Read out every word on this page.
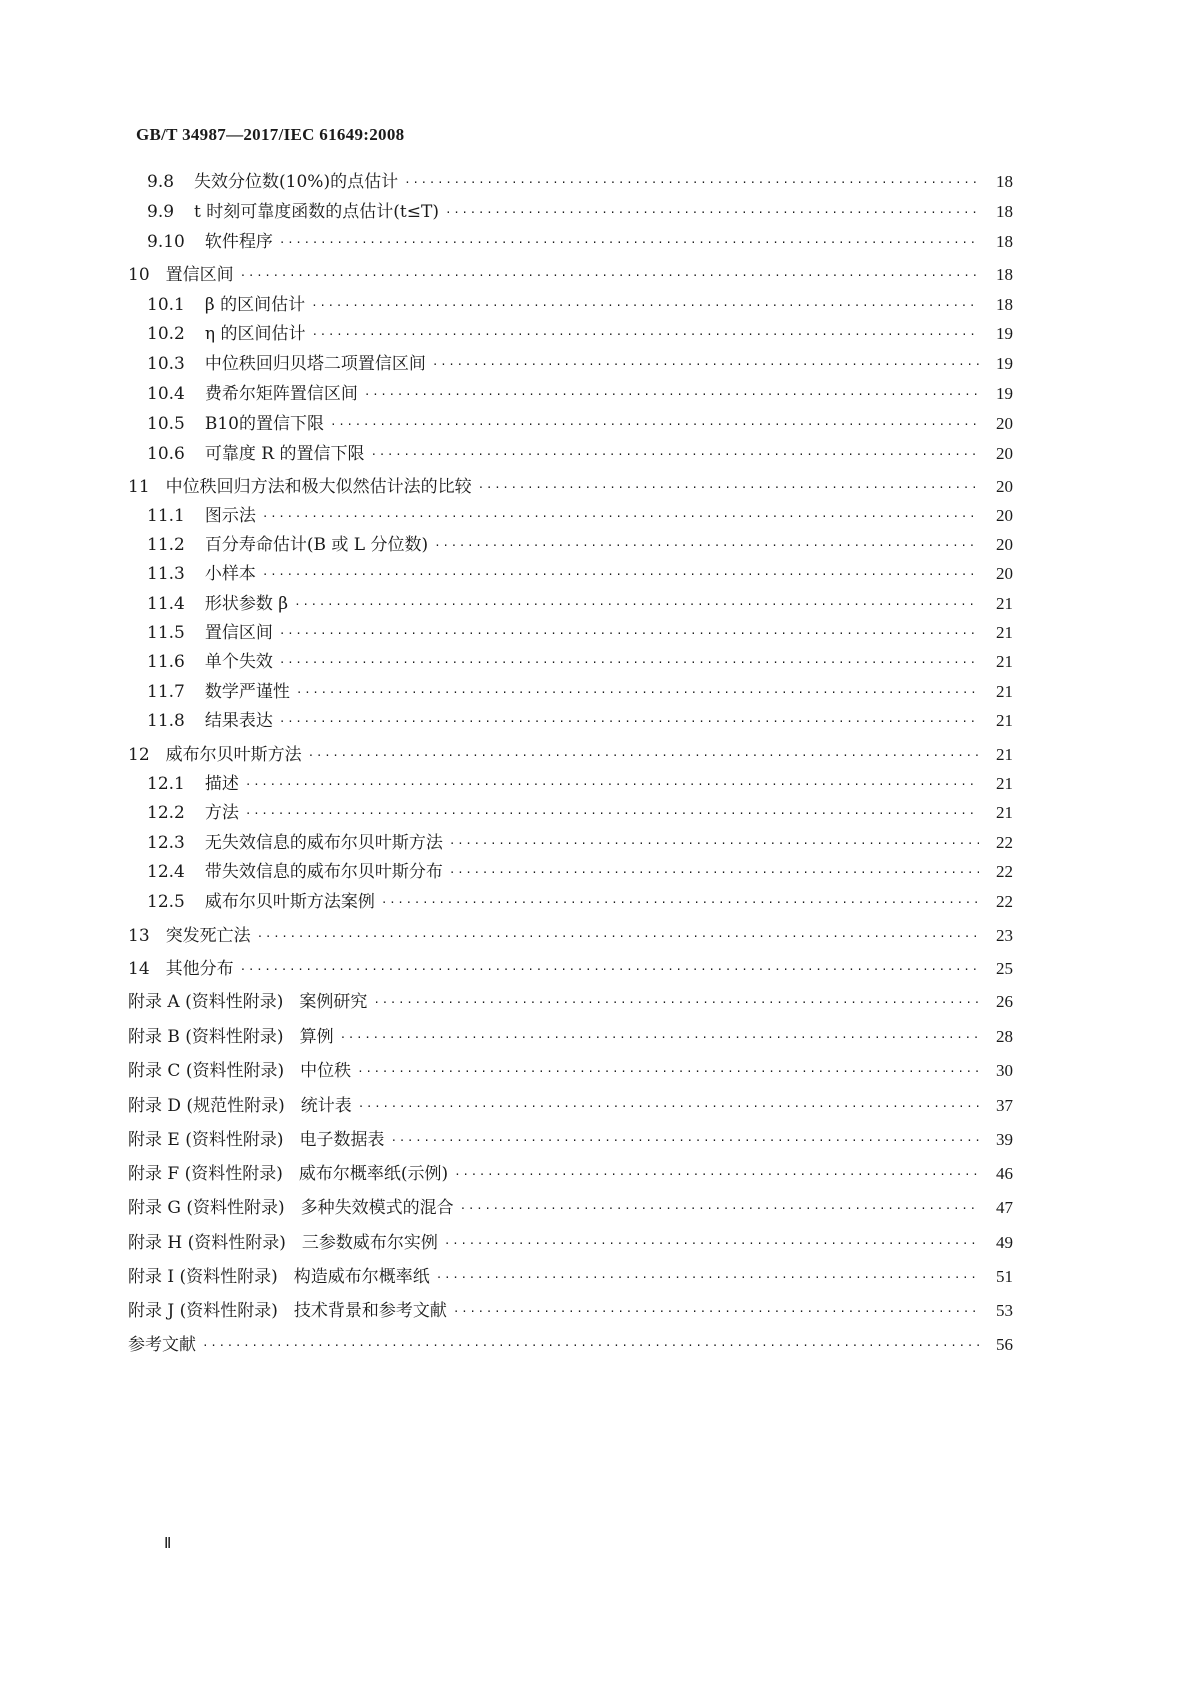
GB/T 34987—2017/IEC 61649:2008
9.8	失效分位数(10%)的点估计 ·····	18
9.9	t 时刻可靠度函数的点估计(t≤T) ·····	18
9.10	软件程序 ·····	18
10 置信区间 ·····	18
10.1	β 的区间估计 ·····	18
10.2	η 的区间估计 ·····	19
10.3	中位秩回归贝塔二项置信区间 ·····	19
10.4	费希尔矩阵置信区间 ·····	19
10.5	B10的置信下限 ·····	20
10.6	可靠度 R 的置信下限 ·····	20
11 中位秩回归方法和极大似然估计法的比较 ·····	20
11.1	图示法 ·····	20
11.2	百分寿命估计(B 或 L 分位数) ·····	20
11.3	小样本 ·····	20
11.4	形状参数 β ·····	21
11.5	置信区间 ·····	21
11.6	单个失效 ·····	21
11.7	数学严谨性 ·····	21
11.8	结果表达 ·····	21
12 威布尔贝叶斯方法 ·····	21
12.1	描述 ·····	21
12.2	方法 ·····	21
12.3	无失效信息的威布尔贝叶斯方法 ·····	22
12.4	带失效信息的威布尔贝叶斯分布 ·····	22
12.5	威布尔贝叶斯方法案例 ·····	22
13 突发死亡法 ·····	23
14 其他分布 ·····	25
附录 A (资料性附录) 案例研究 ·····	26
附录 B (资料性附录) 算例 ·····	28
附录 C (资料性附录) 中位秩 ·····	30
附录 D (规范性附录) 统计表 ·····	37
附录 E (资料性附录) 电子数据表 ·····	39
附录 F (资料性附录) 威布尔概率纸(示例) ·····	46
附录 G (资料性附录) 多种失效模式的混合 ·····	47
附录 H (资料性附录) 三参数威布尔实例 ·····	49
附录 I (资料性附录) 构造威布尔概率纸 ·····	51
附录 J (资料性附录) 技术背景和参考文献 ·····	53
参考文献 ·····	56
Ⅱ
